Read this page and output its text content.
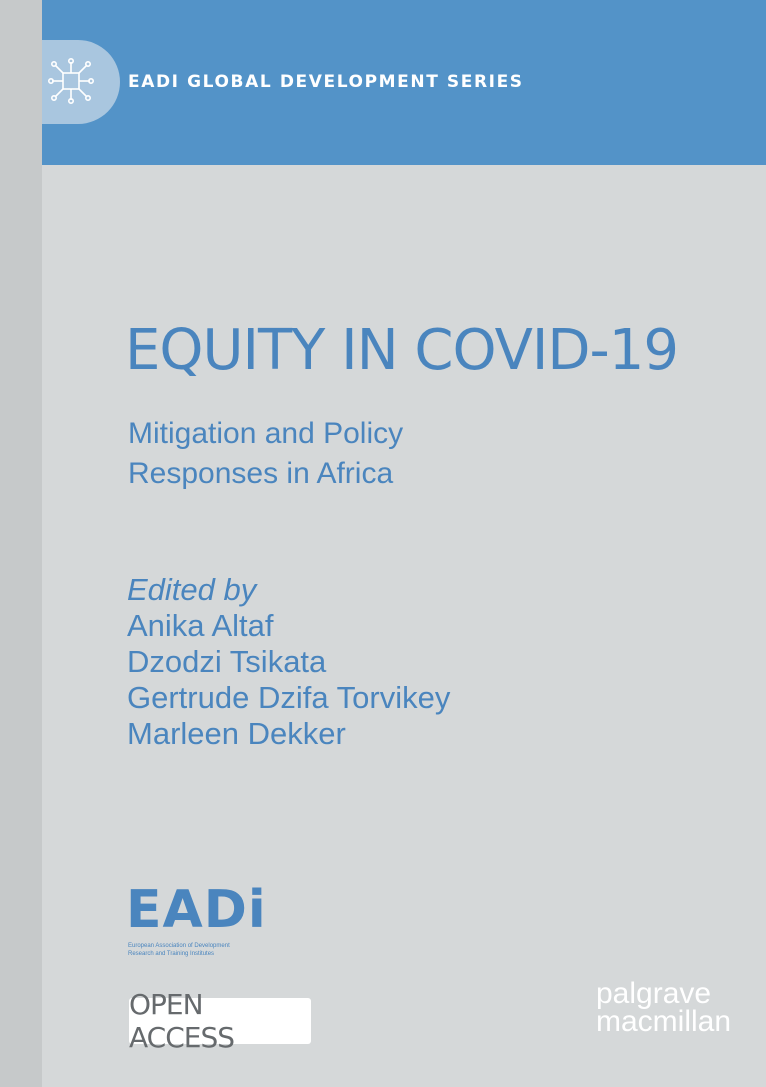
EADI GLOBAL DEVELOPMENT SERIES
EQUITY IN COVID-19
Mitigation and Policy
Responses in Africa
Edited by
Anika Altaf
Dzodzi Tsikata
Gertrude Dzifa Torvikey
Marleen Dekker
EADi
European Association of Development
Research and Training Institutes
OPEN ACCESS
palgrave
macmillan
